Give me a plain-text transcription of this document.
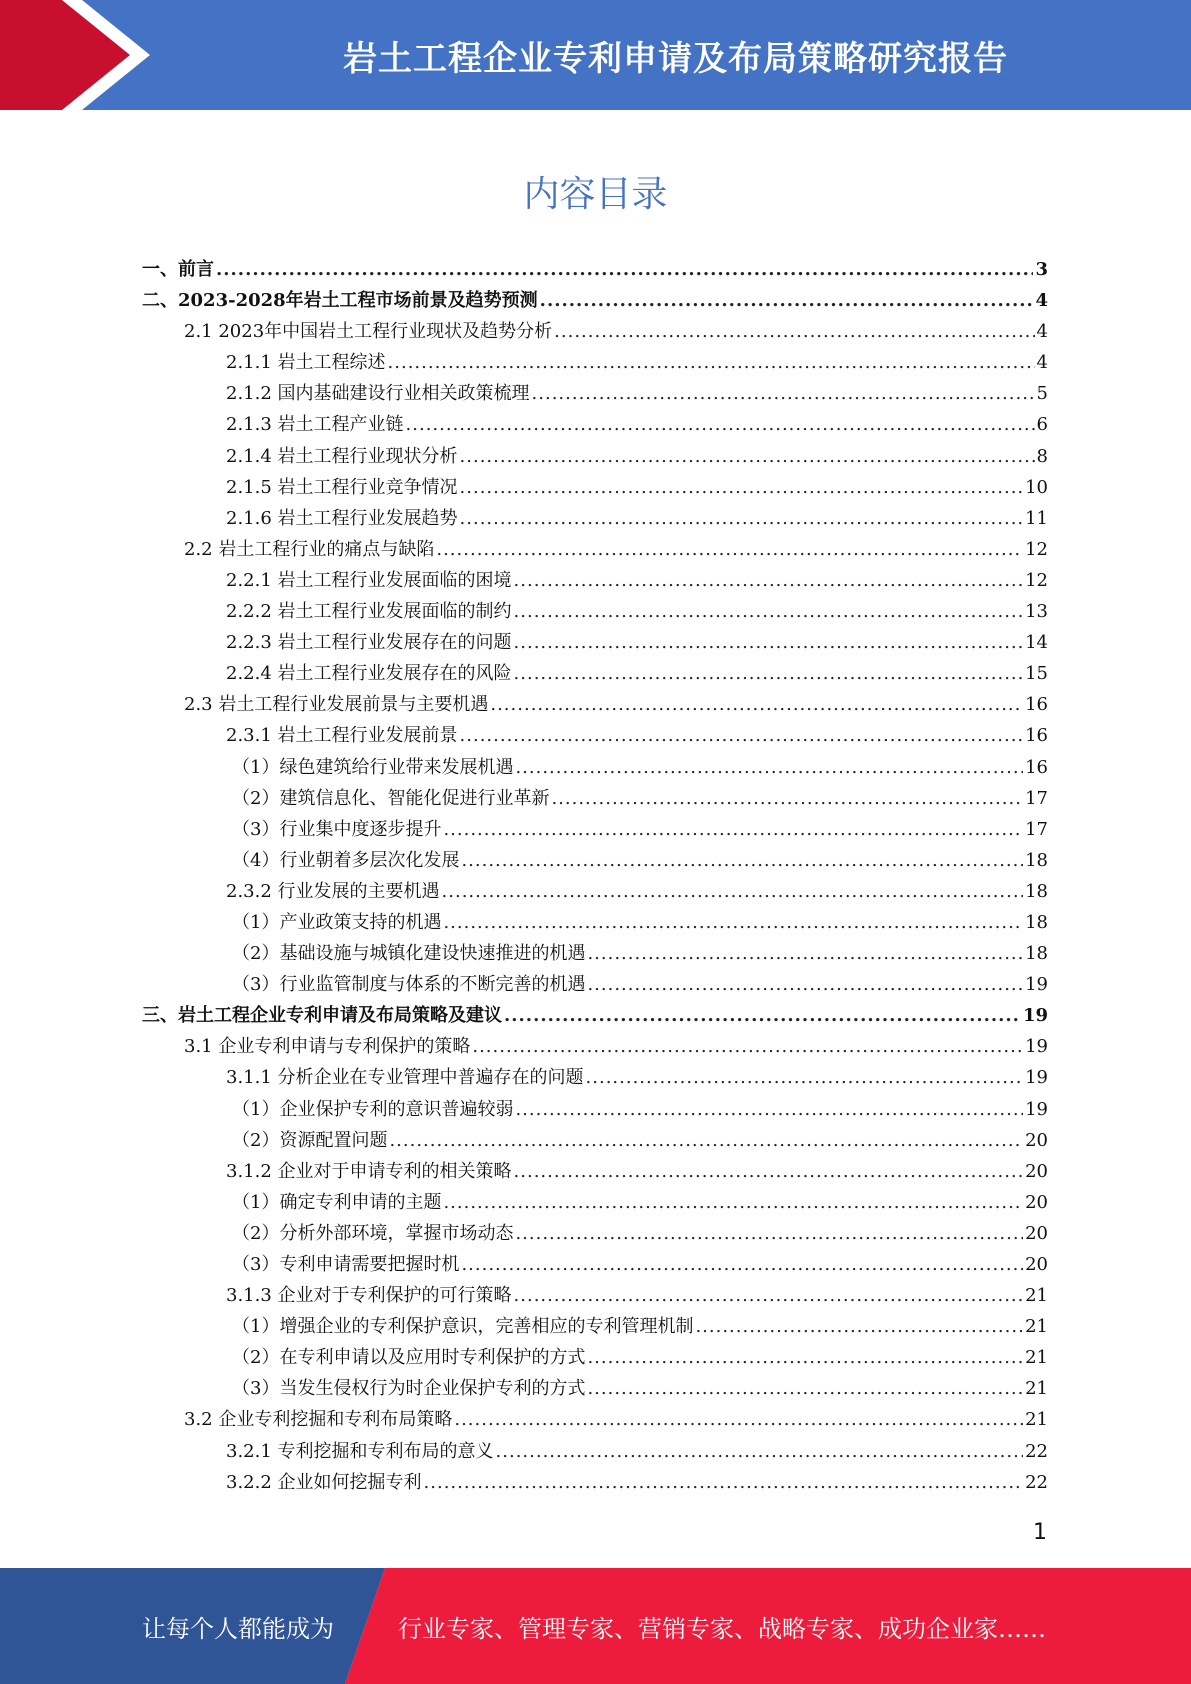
岩土工程企业专利申请及布局策略研究报告
内容目录
一、前言 .....	3
二、2023-2028年岩土工程市场前景及趋势预测 .....	4
2.1 2023年中国岩土工程行业现状及趋势分析 .....	4
2.1.1 岩土工程综述 .....	4
2.1.2 国内基础建设行业相关政策梳理 .....	5
2.1.3 岩土工程产业链 .....	6
2.1.4 岩土工程行业现状分析 .....	8
2.1.5 岩土工程行业竞争情况 .....	10
2.1.6 岩土工程行业发展趋势 .....	11
2.2 岩土工程行业的痛点与缺陷 .....	12
2.2.1 岩土工程行业发展面临的困境 .....	12
2.2.2 岩土工程行业发展面临的制约 .....	13
2.2.3 岩土工程行业发展存在的问题 .....	14
2.2.4 岩土工程行业发展存在的风险 .....	15
2.3 岩土工程行业发展前景与主要机遇 .....	16
2.3.1 岩土工程行业发展前景 .....	16
（1）绿色建筑给行业带来发展机遇 .....	16
（2）建筑信息化、智能化促进行业革新 .....	17
（3）行业集中度逐步提升 .....	17
（4）行业朝着多层次化发展 .....	18
2.3.2 行业发展的主要机遇 .....	18
（1）产业政策支持的机遇 .....	18
（2）基础设施与城镇化建设快速推进的机遇 .....	18
（3）行业监管制度与体系的不断完善的机遇 .....	19
三、岩土工程企业专利申请及布局策略及建议 .....	19
3.1 企业专利申请与专利保护的策略 .....	19
3.1.1 分析企业在专业管理中普遍存在的问题 .....	19
（1）企业保护专利的意识普遍较弱 .....	19
（2）资源配置问题 .....	20
3.1.2 企业对于申请专利的相关策略 .....	20
（1）确定专利申请的主题 .....	20
（2）分析外部环境，掌握市场动态 .....	20
（3）专利申请需要把握时机 .....	20
3.1.3 企业对于专利保护的可行策略 .....	21
（1）增强企业的专利保护意识，完善相应的专利管理机制 .....	21
（2）在专利申请以及应用时专利保护的方式 .....	21
（3）当发生侵权行为时企业保护专利的方式 .....	21
3.2 企业专利挖掘和专利布局策略 .....	21
3.2.1 专利挖掘和专利布局的意义 .....	22
3.2.2 企业如何挖掘专利 .....	22
1
让每个人都能成为	行业专家、管理专家、营销专家、战略专家、成功企业家……
